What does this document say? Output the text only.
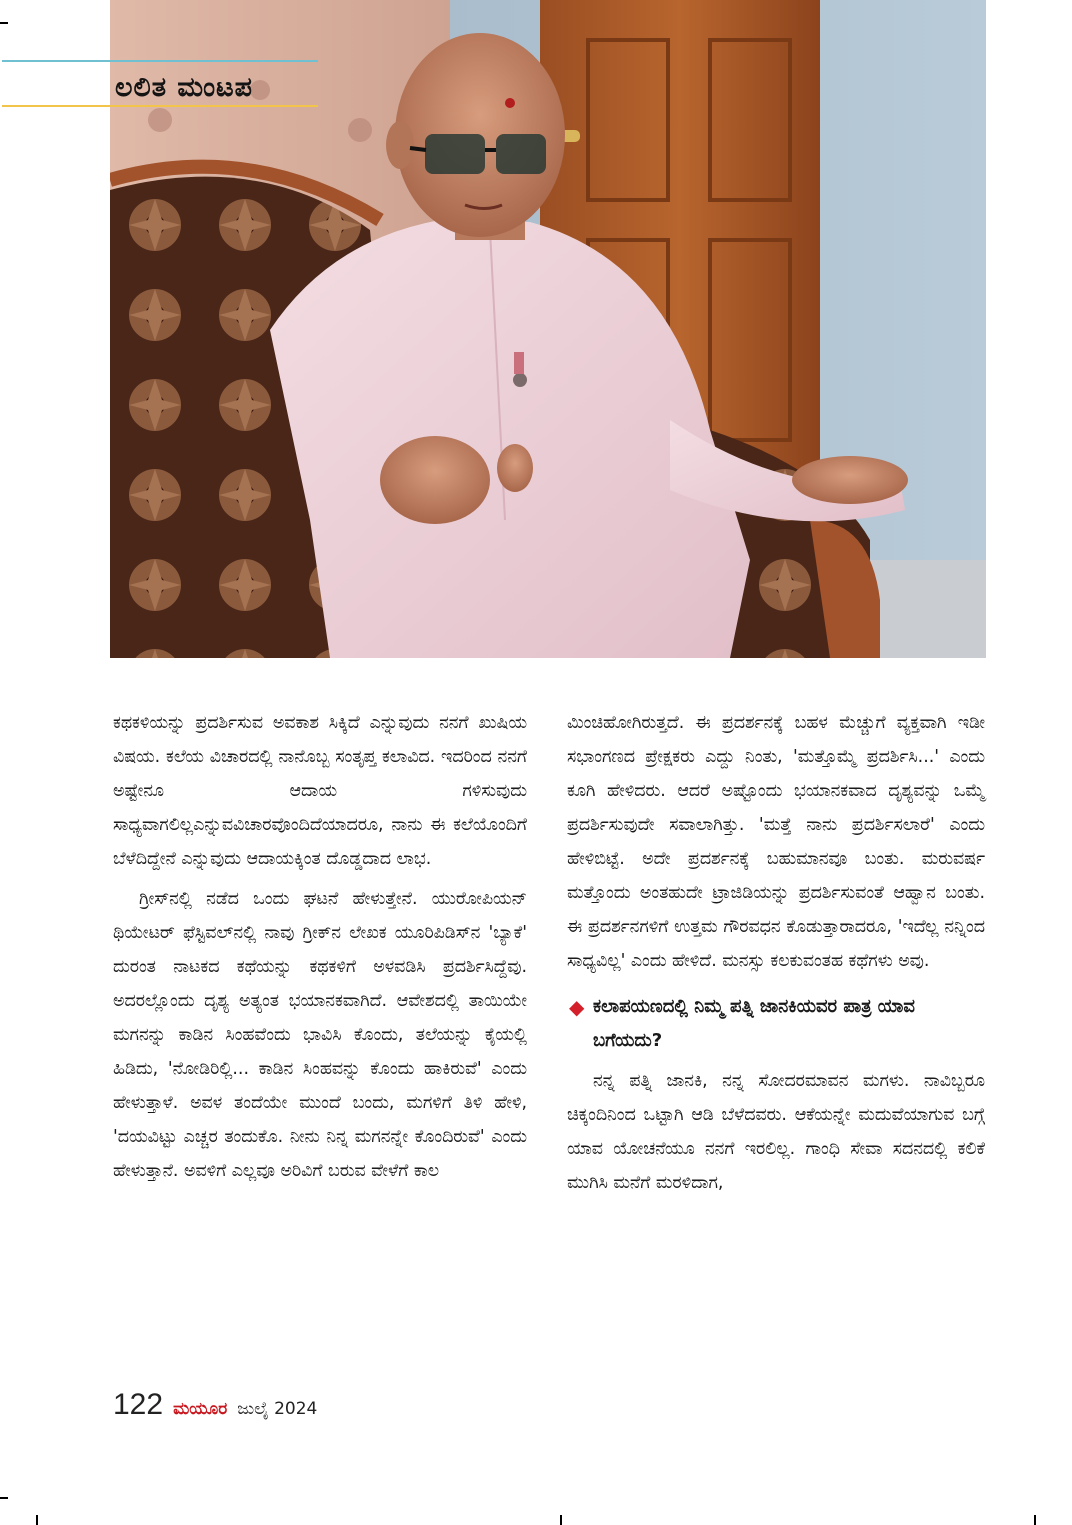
ಲಲಿತ ಮಂಟಪ

ಕಥಕಳಿಯನ್ನು ಪ್ರದರ್ಶಿಸುವ ಅವಕಾಶ ಸಿಕ್ಕಿದೆ ಎನ್ನುವುದು ನನಗೆ ಖುಷಿಯ ವಿಷಯ. ಕಲೆಯ ವಿಚಾರದಲ್ಲಿ ನಾನೊಬ್ಬ ಸಂತೃಪ್ತ ಕಲಾವಿದ. ಇದರಿಂದ ನನಗೆ ಅಷ್ಟೇನೂ ಆದಾಯ ಗಳಿಸುವುದು ಸಾಧ್ಯವಾಗಲಿಲ್ಲಎನ್ನುವವಿಚಾರವೊಂದಿದೆಯಾದರೂ, ನಾನು ಈ ಕಲೆಯೊಂದಿಗೆ ಬೆಳೆದಿದ್ದೇನೆ ಎನ್ನುವುದು ಆದಾಯಕ್ಕಿಂತ ದೊಡ್ಡದಾದ ಲಾಭ.

ಗ್ರೀಸ್‌ನಲ್ಲಿ ನಡೆದ ಒಂದು ಘಟನೆ ಹೇಳುತ್ತೇನೆ. ಯುರೋಪಿಯನ್ ಥಿಯೇಟರ್ ಫೆಸ್ಟಿವಲ್‌ನಲ್ಲಿ ನಾವು ಗ್ರೀಕ್‌ನ ಲೇಖಕ ಯೂರಿಪಿಡಿಸ್‌ನ 'ಬ್ಯಾಕೆ' ದುರಂತ ನಾಟಕದ ಕಥೆಯನ್ನು ಕಥಕಳಿಗೆ ಅಳವಡಿಸಿ ಪ್ರದರ್ಶಿಸಿದ್ದೆವು. ಅದರಲ್ಲೊಂದು ದೃಶ್ಯ ಅತ್ಯಂತ ಭಯಾನಕವಾಗಿದೆ. ಆವೇಶದಲ್ಲಿ ತಾಯಿಯೇ ಮಗನನ್ನು ಕಾಡಿನ ಸಿಂಹವೆಂದು ಭಾವಿಸಿ ಕೊಂದು, ತಲೆಯನ್ನು ಕೈಯಲ್ಲಿ ಹಿಡಿದು, 'ನೋಡಿರಿಲ್ಲಿ... ಕಾಡಿನ ಸಿಂಹವನ್ನು ಕೊಂದು ಹಾಕಿರುವೆ' ಎಂದು ಹೇಳುತ್ತಾಳೆ. ಅವಳ ತಂದೆಯೇ ಮುಂದೆ ಬಂದು, ಮಗಳಿಗೆ ತಿಳಿ ಹೇಳಿ, 'ದಯವಿಟ್ಟು ಎಚ್ಚರ ತಂದುಕೊ. ನೀನು ನಿನ್ನ ಮಗನನ್ನೇ ಕೊಂದಿರುವೆ' ಎಂದು ಹೇಳುತ್ತಾನೆ. ಅವಳಿಗೆ ಎಲ್ಲವೂ ಅರಿವಿಗೆ ಬರುವ ವೇಳೆಗೆ ಕಾಲ

ಮಿಂಚಿಹೋಗಿರುತ್ತದೆ. ಈ ಪ್ರದರ್ಶನಕ್ಕೆ ಬಹಳ ಮೆಚ್ಚುಗೆ ವ್ಯಕ್ತವಾಗಿ ಇಡೀ ಸಭಾಂಗಣದ ಪ್ರೇಕ್ಷಕರು ಎದ್ದು ನಿಂತು, 'ಮತ್ತೊಮ್ಮೆ ಪ್ರದರ್ಶಿಸಿ...' ಎಂದು ಕೂಗಿ ಹೇಳಿದರು. ಆದರೆ ಅಷ್ಟೊಂದು ಭಯಾನಕವಾದ ದೃಶ್ಯವನ್ನು ಒಮ್ಮೆ ಪ್ರದರ್ಶಿಸುವುದೇ ಸವಾಲಾಗಿತ್ತು. 'ಮತ್ತೆ ನಾನು ಪ್ರದರ್ಶಿಸಲಾರೆ' ಎಂದು ಹೇಳಿಬಿಟ್ಟೆ. ಅದೇ ಪ್ರದರ್ಶನಕ್ಕೆ ಬಹುಮಾನವೂ ಬಂತು. ಮರುವರ್ಷ ಮತ್ತೊಂದು ಅಂತಹುದೇ ಟ್ರಾಜಿಡಿಯನ್ನು ಪ್ರದರ್ಶಿಸುವಂತೆ ಆಹ್ವಾನ ಬಂತು. ಈ ಪ್ರದರ್ಶನಗಳಿಗೆ ಉತ್ತಮ ಗೌರವಧನ ಕೊಡುತ್ತಾರಾದರೂ, 'ಇದೆಲ್ಲ ನನ್ನಿಂದ ಸಾಧ್ಯವಿಲ್ಲ' ಎಂದು ಹೇಳಿದೆ. ಮನಸ್ಸು ಕಲಕುವಂತಹ ಕಥೆಗಳು ಅವು.

◆ ಕಲಾಪಯಣದಲ್ಲಿ ನಿಮ್ಮ ಪತ್ನಿ ಜಾನಕಿಯವರ ಪಾತ್ರ ಯಾವ ಬಗೆಯದು?

ನನ್ನ ಪತ್ನಿ ಜಾನಕಿ, ನನ್ನ ಸೋದರಮಾವನ ಮಗಳು. ನಾವಿಬ್ಬರೂ ಚಿಕ್ಕಂದಿನಿಂದ ಒಟ್ಟಾಗಿ ಆಡಿ ಬೆಳೆದವರು. ಆಕೆಯನ್ನೇ ಮದುವೆಯಾಗುವ ಬಗ್ಗೆ ಯಾವ ಯೋಚನೆಯೂ ನನಗೆ ಇರಲಿಲ್ಲ. ಗಾಂಧಿ ಸೇವಾ ಸದನದಲ್ಲಿ ಕಲಿಕೆ ಮುಗಿಸಿ ಮನೆಗೆ ಮರಳಿದಾಗ,

122 ಮಯೂರ ಜುಲೈ 2024
